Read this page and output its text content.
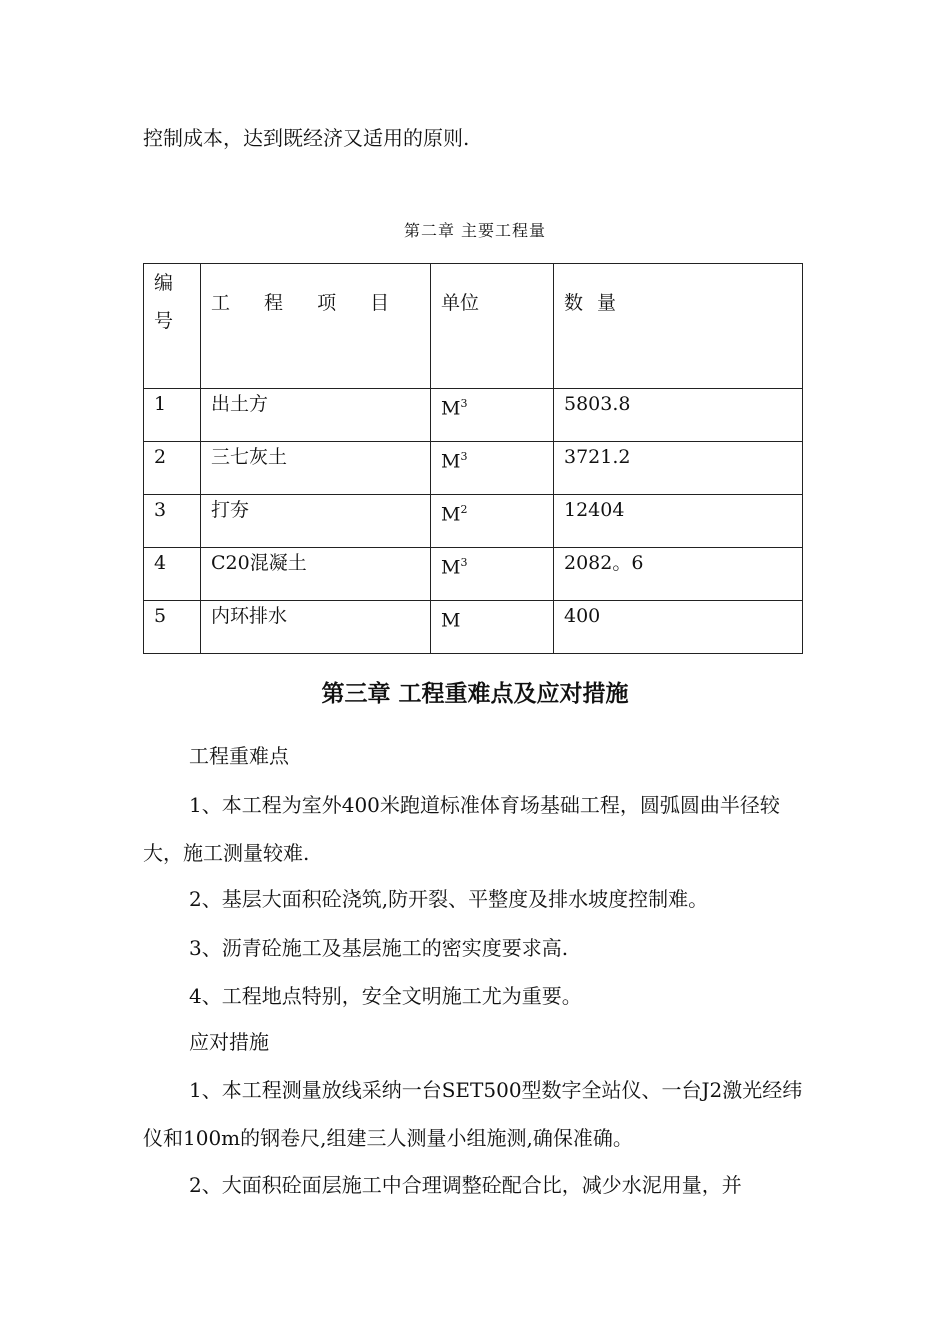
控制成本，达到既经济又适用的原则.
第二章 主要工程量
编号	工 程 项 目	单位	数 量
1	出土方	$M^3$	5803.8
2	三七灰土	$M^3$	3721.2
3	打夯	$M^2$	12404
4	C20混凝土	$M^3$	2082。6
5	内环排水	M	400
第三章 工程重难点及应对措施
工程重难点
1、本工程为室外400米跑道标准体育场基础工程，圆弧圆曲半径较大，施工测量较难.
2、基层大面积砼浇筑,防开裂、平整度及排水坡度控制难。
3、沥青砼施工及基层施工的密实度要求高.
4、工程地点特别，安全文明施工尤为重要。
应对措施
1、本工程测量放线采纳一台SET500型数字全站仪、一台J2激光经纬仪和100m的钢卷尺,组建三人测量小组施测,确保准确。
2、大面积砼面层施工中合理调整砼配合比，减少水泥用量，并
